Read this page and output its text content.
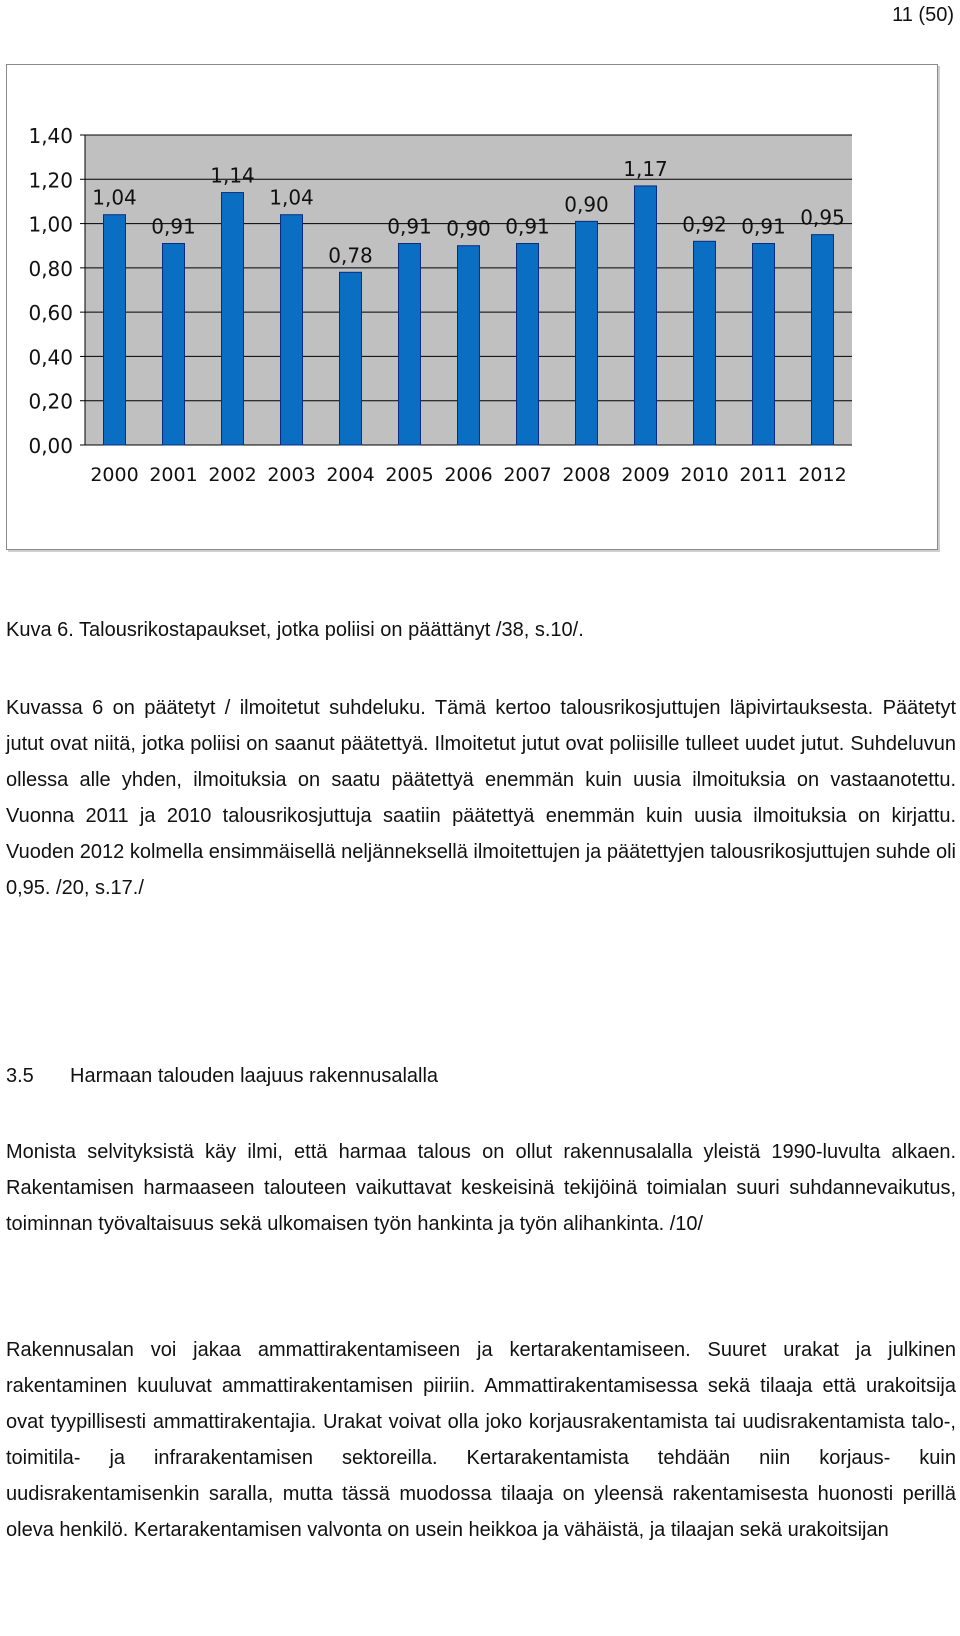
11 (50)
0,00
0,20
0,40
0,60
0,80
1,00
1,20
1,40
1,04
2000
0,91
2001
1,14
2002
1,04
2003
0,78
2004
0,91
2005
0,90
2006
0,91
2007
0,90
2008
1,17
2009
0,92
2010
0,91
2011
0,95
2012

Kuva 6. Talousrikostapaukset, jotka poliisi on päättänyt /38, s.10/.

Kuvassa 6 on päätetyt / ilmoitetut suhdeluku. Tämä kertoo talousrikosjuttujen läpivirtauksesta. Päätetyt jutut ovat niitä, jotka poliisi on saanut päätettyä. Ilmoitetut jutut ovat poliisille tulleet uudet jutut. Suhdeluvun ollessa alle yhden, ilmoituksia on saatu päätettyä enemmän kuin uusia ilmoituksia on vastaanotettu. Vuonna 2011 ja 2010 talousrikosjuttuja saatiin päätettyä enemmän kuin uusia ilmoituksia on kirjattu. Vuoden 2012 kolmella ensimmäisellä neljänneksellä ilmoitettujen ja päätettyjen talousrikosjuttujen suhde oli 0,95. /20, s.17./

3.5 Harmaan talouden laajuus rakennusalalla

Monista selvityksistä käy ilmi, että harmaa talous on ollut rakennusalalla yleistä 1990-luvulta alkaen. Rakentamisen harmaaseen talouteen vaikuttavat keskeisinä tekijöinä toimialan suuri suhdannevaikutus, toiminnan työvaltaisuus sekä ulkomaisen työn hankinta ja työn alihankinta. /10/

Rakennusalan voi jakaa ammattirakentamiseen ja kertarakentamiseen. Suuret urakat ja julkinen rakentaminen kuuluvat ammattirakentamisen piiriin. Ammattirakentamisessa sekä tilaaja että urakoitsija ovat tyypillisesti ammattirakentajia. Urakat voivat olla joko korjausrakentamista tai uudisrakentamista talo-, toimitila- ja infrarakentamisen sektoreilla. Kertarakentamista tehdään niin korjaus- kuin uudisrakentamisenkin saralla, mutta tässä muodossa tilaaja on yleensä rakentamisesta huonosti perillä oleva henkilö. Kertarakentamisen valvonta on usein heikkoa ja vähäistä, ja tilaajan sekä urakoitsijan
